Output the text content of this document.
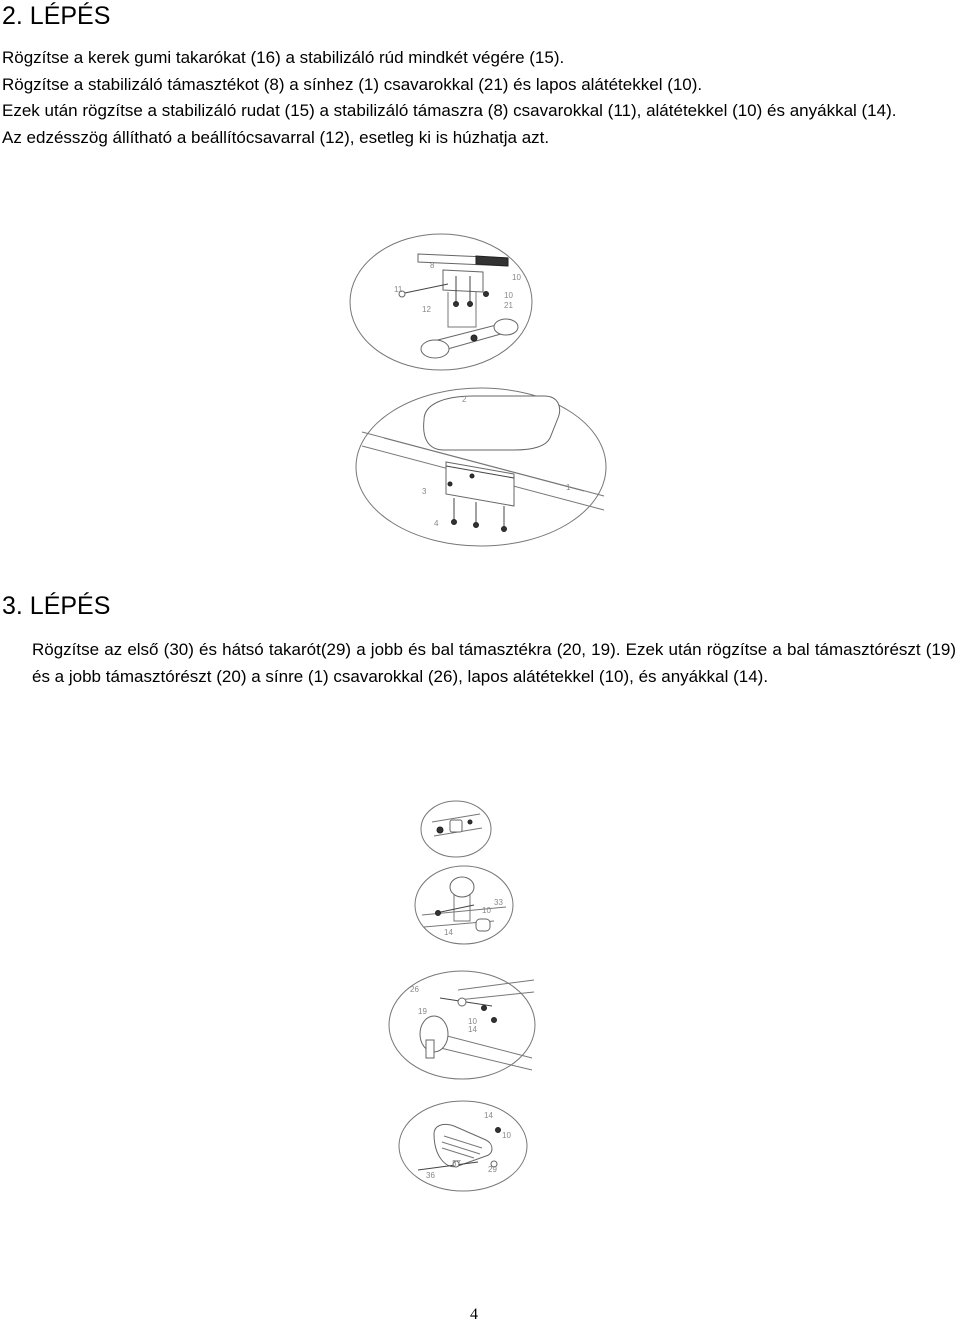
2. LÉPÉS

Rögzítse a kerek gumi takarókat (16) a stabilizáló rúd mindkét végére (15).
Rögzítse a stabilizáló támasztékot (8) a sínhez (1) csavarokkal (21) és lapos alátétekkel (10).
Ezek után rögzítse a stabilizáló rudat (15) a stabilizáló támaszra (8) csavarokkal (11), alátétekkel (10) és anyákkal (14).
Az edzésszög állítható a beállítócsavarral (12), esetleg ki is húzhatja azt.

8
10
11
10
21
12
2
3	1
4
3. LÉPÉS

Rögzítse az első (30) és hátsó takarót(29) a jobb és bal támasztékra (20, 19). Ezek után rögzítse a bal támasztórészt (19) és a jobb támasztórészt (20) a sínre (1) csavarokkal (26), lapos alátétekkel (10), és anyákkal (14).

33
10
14
26
19
10
14
14
10
36
37
29
4
